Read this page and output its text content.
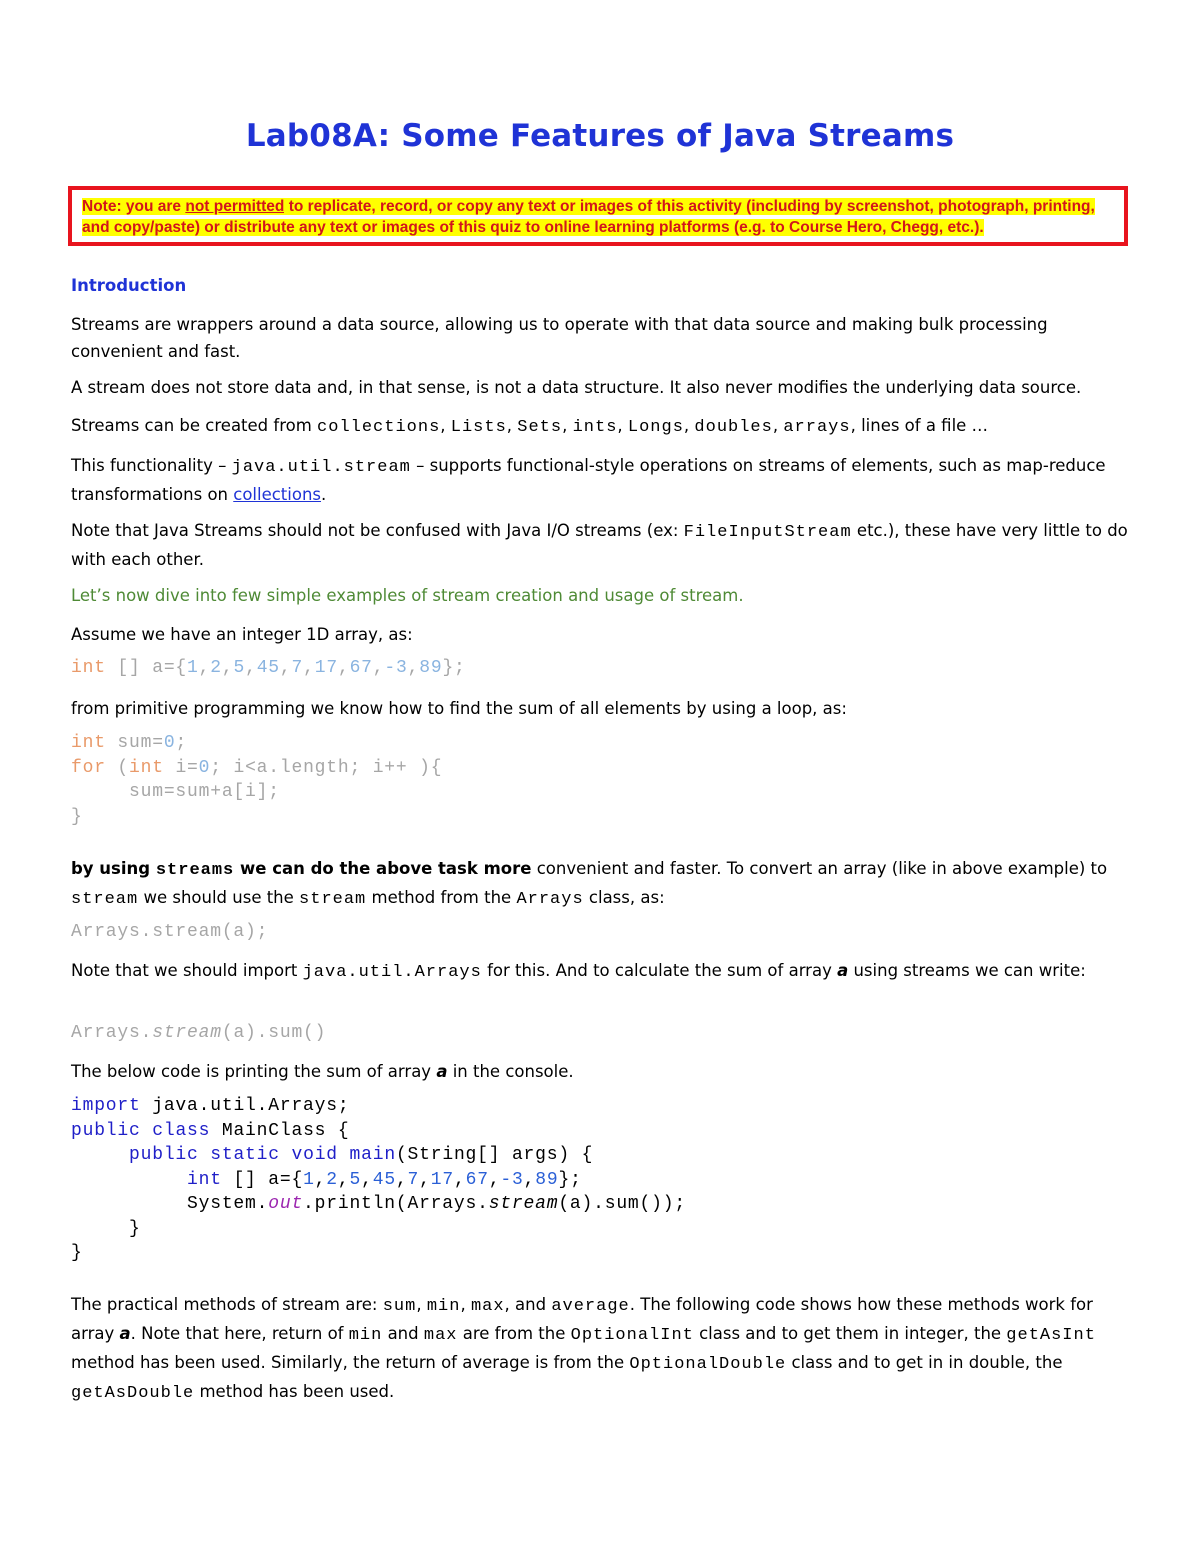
Lab08A: Some Features of Java Streams
Note: you are not permitted to replicate, record, or copy any text or images of this activity (including by screenshot, photograph, printing, and copy/paste) or distribute any text or images of this quiz to online learning platforms (e.g. to Course Hero, Chegg, etc.).

Introduction

Streams are wrappers around a data source, allowing us to operate with that data source and making bulk processing convenient and fast.

A stream does not store data and, in that sense, is not a data structure. It also never modifies the underlying data source.

Streams can be created from collections, Lists, Sets, ints, Longs, doubles, arrays, lines of a file …

This functionality – java.util.stream – supports functional-style operations on streams of elements, such as map-reduce transformations on collections.

Note that Java Streams should not be confused with Java I/O streams (ex: FileInputStream etc.), these have very little to do with each other.

Let’s now dive into few simple examples of stream creation and usage of stream.

Assume we have an integer 1D array, as:

int [] a={1,2,5,45,7,17,67,-3,89};

from primitive programming we know how to find the sum of all elements by using a loop, as:

int sum=0;
for (int i=0; i<a.length; i++ ){
sum=sum+a[i];
}

by using streams we can do the above task more convenient and faster. To convert an array (like in above example) to stream we should use the stream method from the Arrays class, as:

Arrays.stream(a);

Note that we should import java.util.Arrays for this. And to calculate the sum of array a using streams we can write:

Arrays.stream(a).sum()

The below code is printing the sum of array a in the console.

import java.util.Arrays;
public class MainClass {
public static void main(String[] args) {
int [] a={1,2,5,45,7,17,67,-3,89};
System.out.println(Arrays.stream(a).sum());
}
}

The practical methods of stream are: sum, min, max, and average. The following code shows how these methods work for array a. Note that here, return of min and max are from the OptionalInt class and to get them in integer, the getAsInt method has been used. Similarly, the return of average is from the OptionalDouble class and to get in in double, the getAsDouble method has been used.
